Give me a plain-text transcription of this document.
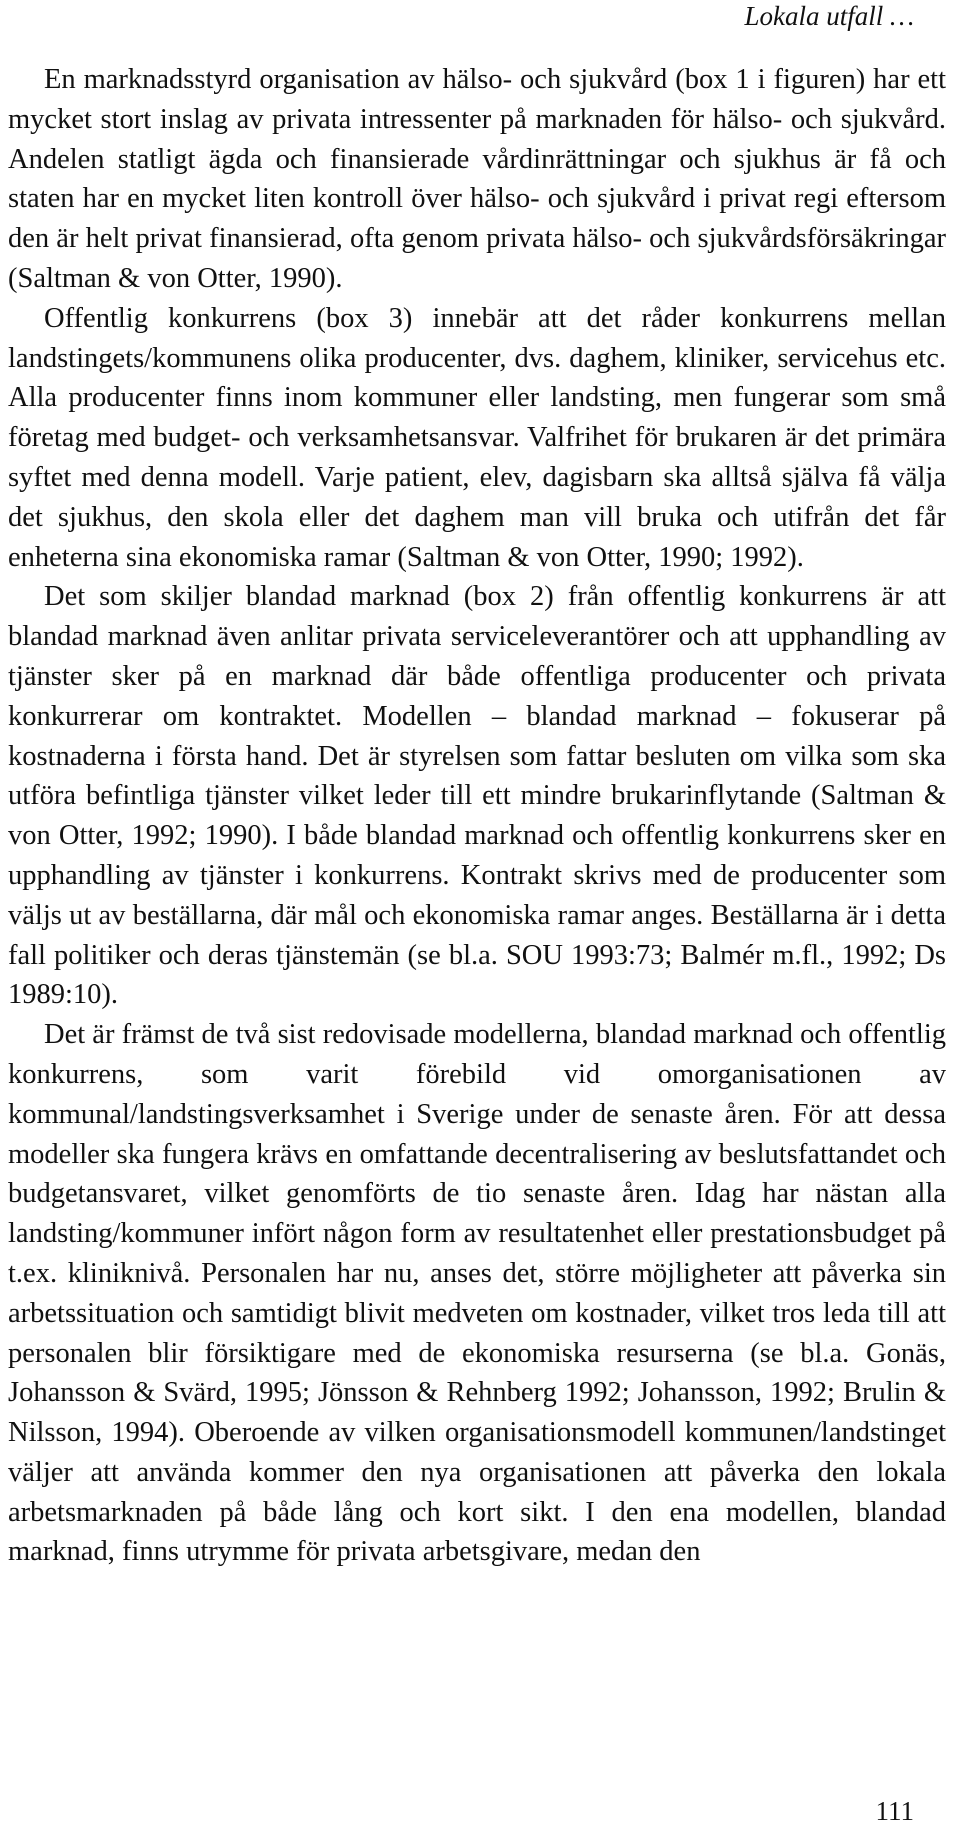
Lokala utfall …

En marknadsstyrd organisation av hälso- och sjukvård (box 1 i figuren) har ett mycket stort inslag av privata intressenter på marknaden för hälso- och sjukvård. Andelen statligt ägda och finansierade vårdinrättningar och sjukhus är få och staten har en mycket liten kontroll över hälso- och sjukvård i privat regi eftersom den är helt privat finansierad, ofta genom privata hälso- och sjukvårdsförsäkringar (Saltman & von Otter, 1990).

Offentlig konkurrens (box 3) innebär att det råder konkurrens mellan landstingets/kommunens olika producenter, dvs. daghem, kliniker, servicehus etc. Alla producenter finns inom kommuner eller landsting, men fungerar som små företag med budget- och verksamhetsansvar. Valfrihet för brukaren är det primära syftet med denna modell. Varje patient, elev, dagisbarn ska alltså själva få välja det sjukhus, den skola eller det daghem man vill bruka och utifrån det får enheterna sina ekonomiska ramar (Saltman & von Otter, 1990; 1992).

Det som skiljer blandad marknad (box 2) från offentlig konkurrens är att blandad marknad även anlitar privata serviceleverantörer och att upphandling av tjänster sker på en marknad där både offentliga producenter och privata konkurrerar om kontraktet. Modellen – blandad marknad – fokuserar på kostnaderna i första hand. Det är styrelsen som fattar besluten om vilka som ska utföra befintliga tjänster vilket leder till ett mindre brukarinflytande (Saltman & von Otter, 1992; 1990). I både blandad marknad och offentlig konkurrens sker en upphandling av tjänster i konkurrens. Kontrakt skrivs med de producenter som väljs ut av beställarna, där mål och ekonomiska ramar anges. Beställarna är i detta fall politiker och deras tjänstemän (se bl.a. SOU 1993:73; Balmér m.fl., 1992; Ds 1989:10).

Det är främst de två sist redovisade modellerna, blandad marknad och offentlig konkurrens, som varit förebild vid omorganisationen av kommunal/landstingsverksamhet i Sverige under de senaste åren. För att dessa modeller ska fungera krävs en omfattande decentralisering av beslutsfattandet och budgetansvaret, vilket genomförts de tio senaste åren. Idag har nästan alla landsting/kommuner infört någon form av resultatenhet eller prestationsbudget på t.ex. kliniknivå. Personalen har nu, anses det, större möjligheter att påverka sin arbetssituation och samtidigt blivit medveten om kostnader, vilket tros leda till att personalen blir försiktigare med de ekonomiska resurserna (se bl.a. Gonäs, Johansson & Svärd, 1995; Jönsson & Rehnberg 1992; Johansson, 1992; Brulin & Nilsson, 1994). Oberoende av vilken organisationsmodell kommunen/landstinget väljer att använda kommer den nya organisationen att påverka den lokala arbetsmarknaden på både lång och kort sikt. I den ena modellen, blandad marknad, finns utrymme för privata arbetsgivare, medan den

111
